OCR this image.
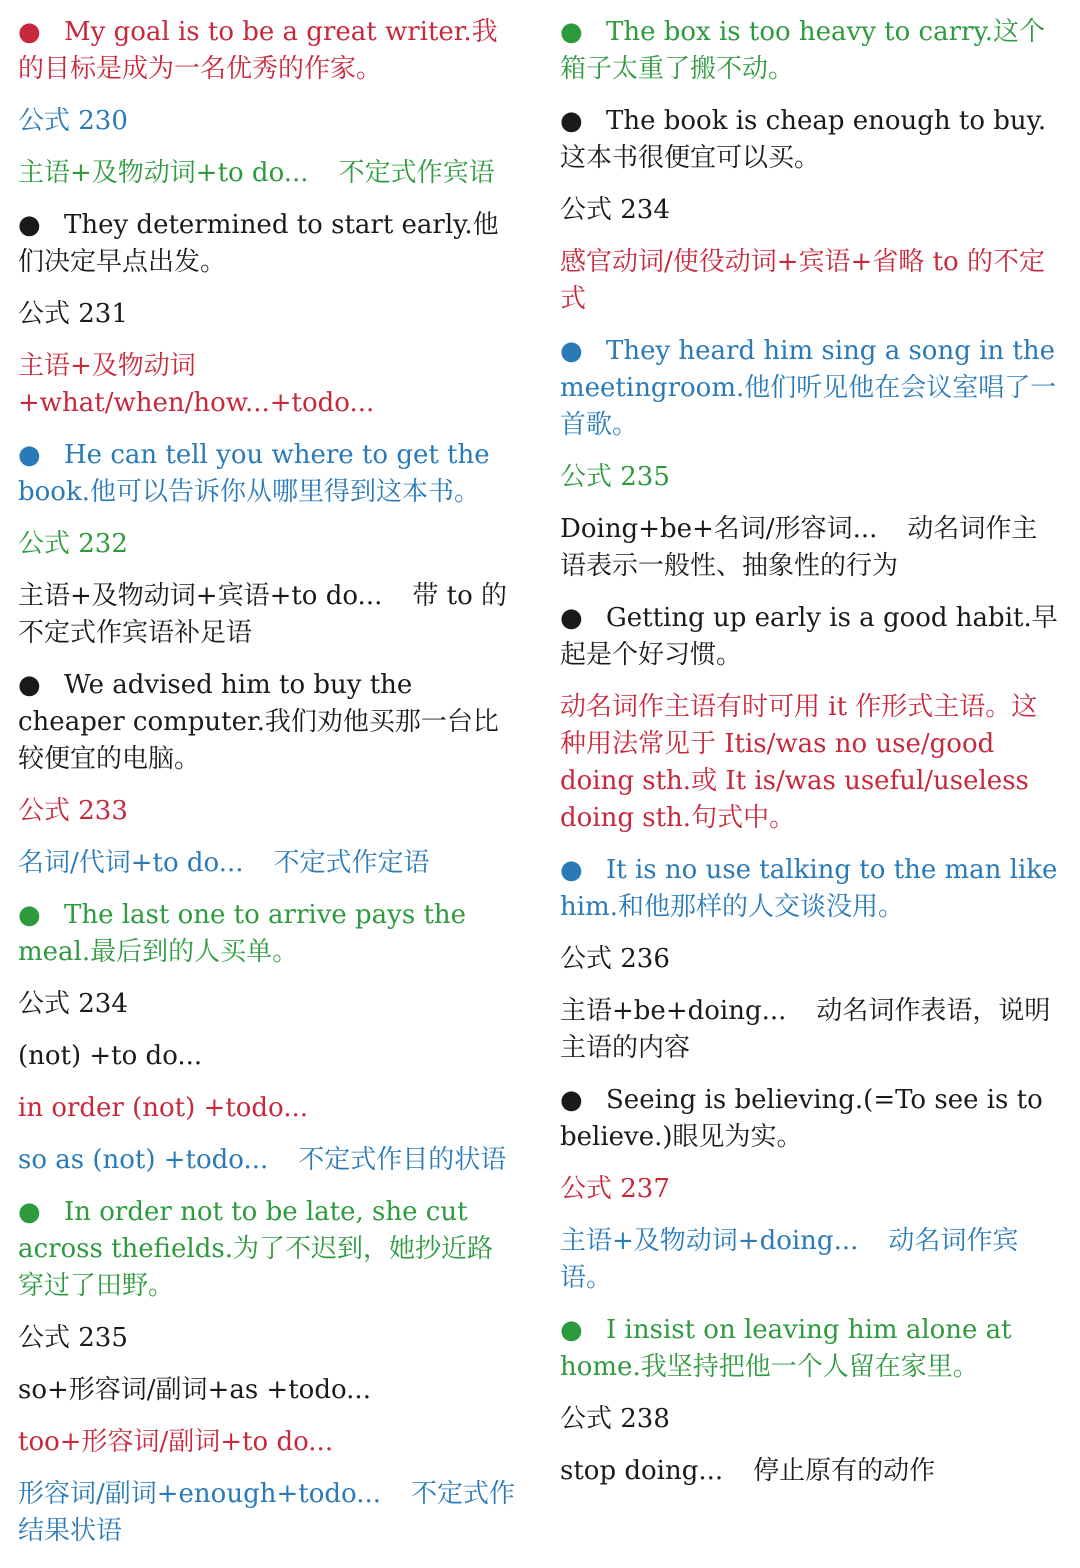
● My goal is to be a great writer.我的目标是成为一名优秀的作家。
公式 230
主语+及物动词+to do... 不定式作宾语
● They determined to start early.他们决定早点出发。
公式 231
主语+及物动词+what/when/how...+todo...
● He can tell you where to get the book.他可以告诉你从哪里得到这本书。
公式 232
主语+及物动词+宾语+to do... 带 to 的不定式作宾语补足语
● We advised him to buy the cheaper computer.我们劝他买那一台比较便宜的电脑。
公式 233
名词/代词+to do... 不定式作定语
● The last one to arrive pays the meal.最后到的人买单。
公式 234
(not) +to do...
in order (not) +todo...
so as (not) +todo... 不定式作目的状语
● In order not to be late, she cut across thefields.为了不迟到，她抄近路穿过了田野。
公式 235
so+形容词/副词+as +todo...
too+形容词/副词+to do...
形容词/副词+enough+todo... 不定式作结果状语
● The box is too heavy to carry.这个箱子太重了搬不动。
● The book is cheap enough to buy.这本书很便宜可以买。
公式 234
感官动词/使役动词+宾语+省略 to 的不定式
● They heard him sing a song in the meetingroom.他们听见他在会议室唱了一首歌。
公式 235
Doing+be+名词/形容词... 动名词作主语表示一般性、抽象性的行为
● Getting up early is a good habit.早起是个好习惯。
动名词作主语有时可用 it 作形式主语。这种用法常见于 Itis/was no use/good doing sth.或 It is/was useful/useless doing sth.句式中。
● It is no use talking to the man like him.和他那样的人交谈没用。
公式 236
主语+be+doing... 动名词作表语，说明主语的内容
● Seeing is believing.(=To see is to believe.)眼见为实。
公式 237
主语+及物动词+doing... 动名词作宾语。
● I insist on leaving him alone at home.我坚持把他一个人留在家里。
公式 238
stop doing... 停止原有的动作
